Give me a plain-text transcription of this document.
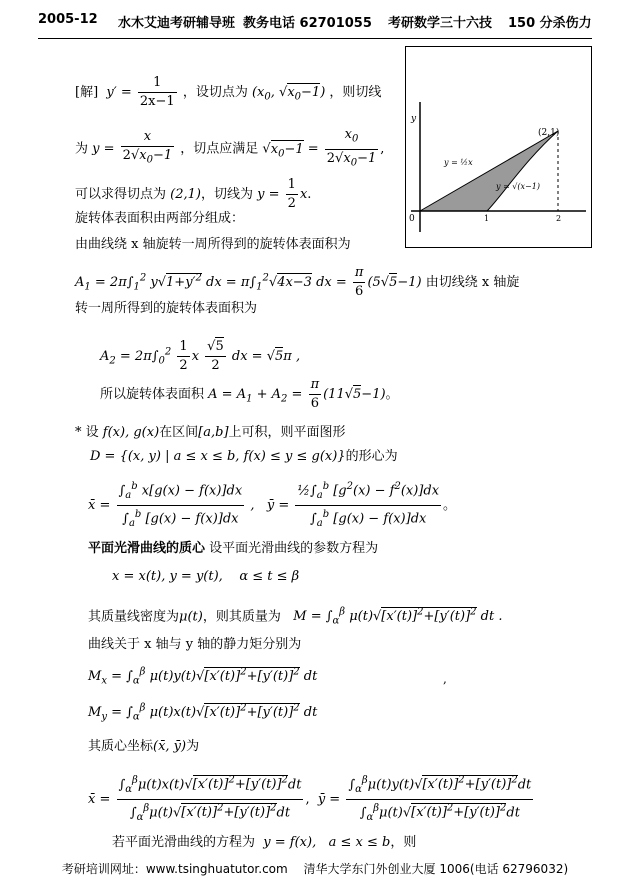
2005-12 水木艾迪考研辅导班 教务电话 62701055 考研数学三十六技 150 分杀伤力
[解]  $y' = \frac{1}{2x-1}$ ，设切点为 ($x_0$, $√x_0-1$) ，则切线
为 $y = \frac{x}{2√x_0-1}$ ，切点应满足 $√x_0-1 = \frac{x_0}{2√x_0-1}$ ,
可以求得切点为 (2,1)，切线为 $y = \frac{1}{2} x$.
旋转体表面积由两部分组成：
由曲线绕 x 轴旋转一周所得到的旋转体表面积为
$A_1 = 2\pi\int_1^2$ $y√1+y'^2$ dx = $\pi\int_1^2√4x-3$ dx = $\frac{\pi}{6} (5√5-1)$ 由切线绕 x 轴旋
转一周所得到的旋转体表面积为
$A_2 = 2\pi\int_0^2 \frac{1}{2}$ x $\frac{√5}{2}$ dx = √5π ,
所以旋转体表面积 $A = A_1 + A_2 = \frac{\pi}{6} (11√5-1)$。
y
0	1	2
(2,1)
y = ½x
y = √(x−1)
* 设 f(x), g(x)在区间[a,b]上可积，则平面图形
D = {(x, y) | a ≤ x ≤ b, f(x) ≤ y ≤ g(x)}的形心为
x̄ = $\frac{\int_a^b x[g(x) - f(x)]dx}{\int_a^b [g(x) - f(x)]dx}$ ,   ȳ = $\frac{\frac{1}{2}\int_a^b [g^2(x) - f^2(x)]dx}{\int_a^b [g(x) - f(x)]dx}$ 。
平面光滑曲线的质心 设平面光滑曲线的参数方程为
x = x(t), y = y(t),    α ≤ t ≤ β
其质量线密度为μ(t)，则其质量为   $M = \int_\alpha^\beta$ $\mu(t)√[x'(t)]^2+[y'(t)]^2$ dt .
曲线关于 x 轴与 y 轴的静力矩分别为
$M_x = \int_\alpha^\beta$ $\mu(t)y(t)√[x'(t)]^2+[y'(t)]^2$ dt	,
$M_y = \int_\alpha^\beta$ $\mu(t)x(t)√[x'(t)]^2+[y'(t)]^2$ dt
其质心坐标(x̄, ȳ)为
x̄ = $\frac{\int_\alpha^\beta\mu(t)x(t)√[x'(t)]^2+[y'(t)]^2dt}{\int_\alpha^\beta\mu(t)√[x'(t)]^2+[y'(t)]^2dt}$ ,  ȳ = $\frac{\int_\alpha^\beta\mu(t)y(t)√[x'(t)]^2+[y'(t)]^2dt}{\int_\alpha^\beta\mu(t)√[x'(t)]^2+[y'(t)]^2dt}$
若平面光滑曲线的方程为  y = f(x),   a ≤ x ≤ b，则
考研培训网址：www.tsinghuatutor.com 清华大学东门外创业大厦 1006(电话 62796032)
